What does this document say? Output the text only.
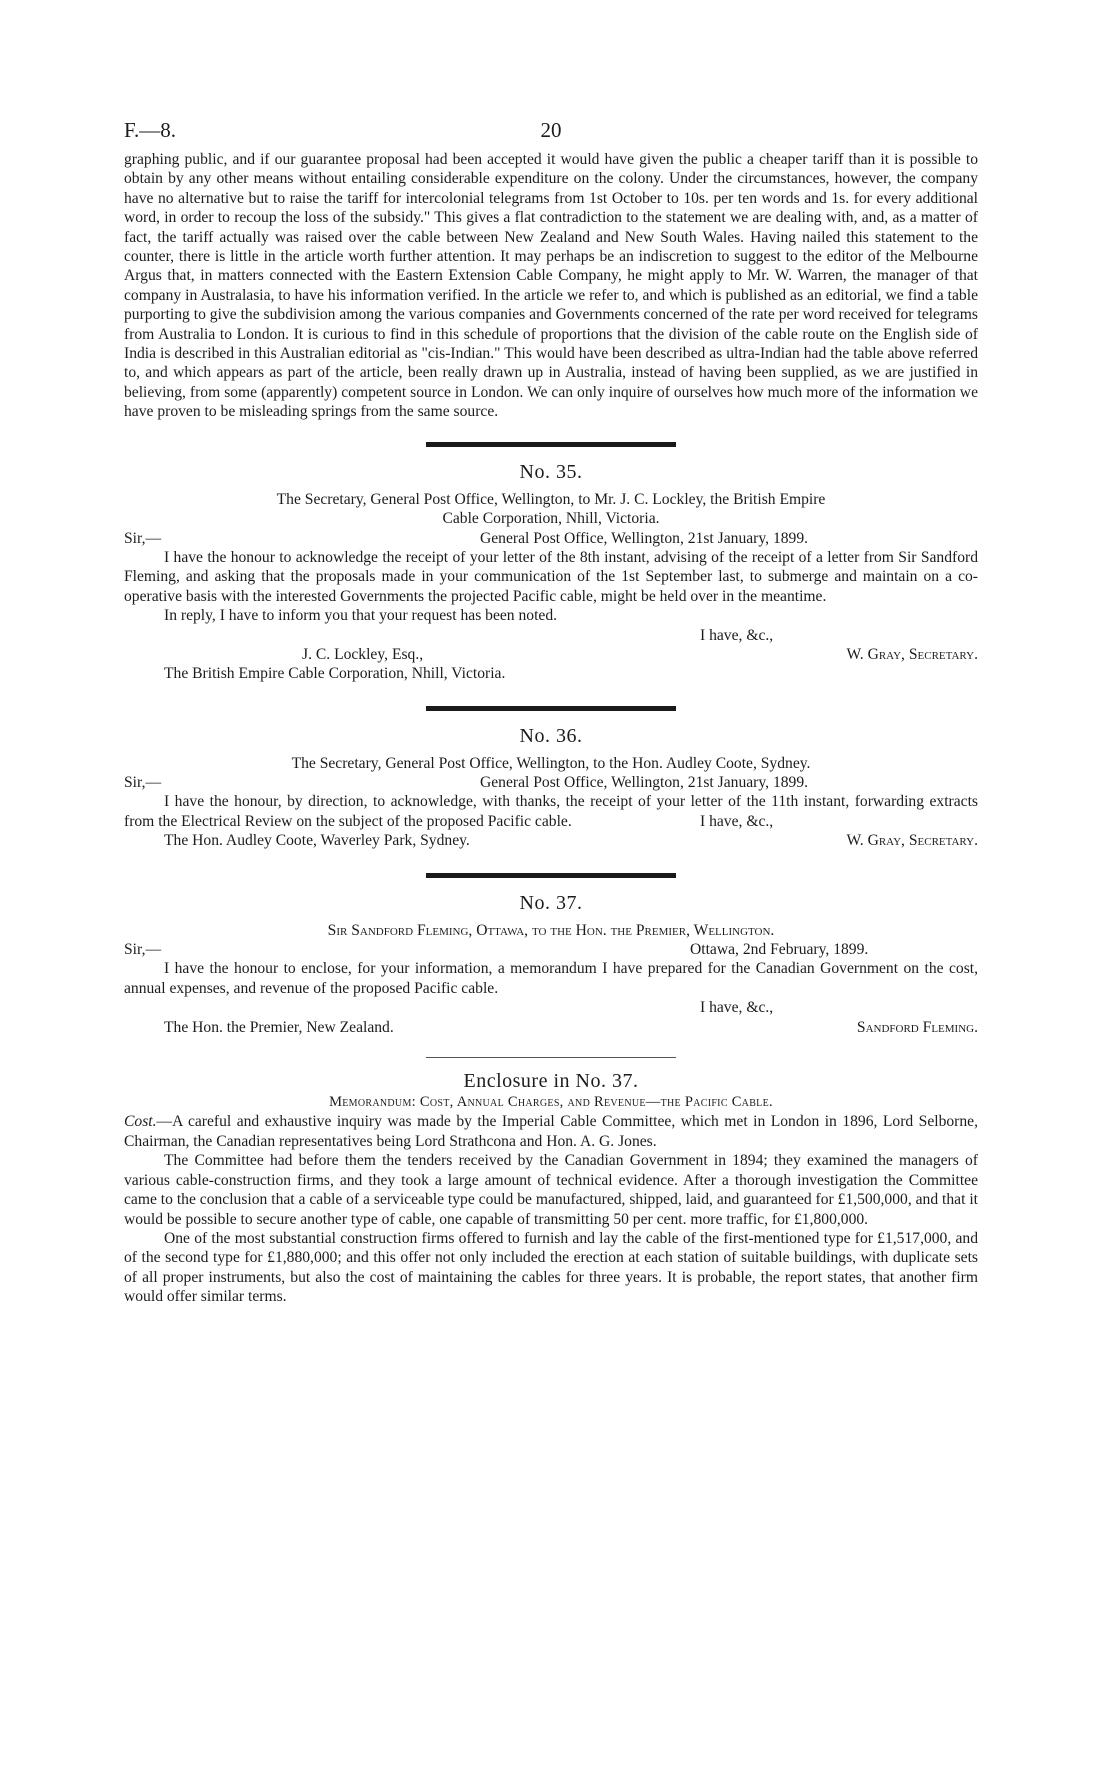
F.—8.	20

graphing public, and if our guarantee proposal had been accepted it would have given the public a cheaper tariff than it is possible to obtain by any other means without entailing considerable expenditure on the colony. Under the circumstances, however, the company have no alternative but to raise the tariff for intercolonial telegrams from 1st October to 10s. per ten words and 1s. for every additional word, in order to recoup the loss of the subsidy." This gives a flat contradiction to the statement we are dealing with, and, as a matter of fact, the tariff actually was raised over the cable between New Zealand and New South Wales. Having nailed this statement to the counter, there is little in the article worth further attention. It may perhaps be an indiscretion to suggest to the editor of the Melbourne Argus that, in matters connected with the Eastern Extension Cable Company, he might apply to Mr. W. Warren, the manager of that company in Australasia, to have his information verified. In the article we refer to, and which is published as an editorial, we find a table purporting to give the subdivision among the various companies and Governments concerned of the rate per word received for telegrams from Australia to London. It is curious to find in this schedule of proportions that the division of the cable route on the English side of India is described in this Australian editorial as "cis-Indian." This would have been described as ultra-Indian had the table above referred to, and which appears as part of the article, been really drawn up in Australia, instead of having been supplied, as we are justified in believing, from some (apparently) competent source in London. We can only inquire of ourselves how much more of the information we have proven to be misleading springs from the same source.

No. 35.
The Secretary, General Post Office, Wellington, to Mr. J. C. Lockley, the British Empire
Cable Corporation, Nhill, Victoria.
Sir,—	General Post Office, Wellington, 21st January, 1899.

I have the honour to acknowledge the receipt of your letter of the 8th instant, advising of the receipt of a letter from Sir Sandford Fleming, and asking that the proposals made in your communication of the 1st September last, to submerge and maintain on a co-operative basis with the interested Governments the projected Pacific cable, might be held over in the meantime.

In reply, I have to inform you that your request has been noted.

I have, &c.,
J. C. Lockley, Esq.,	W. Gray, Secretary.
The British Empire Cable Corporation, Nhill, Victoria.
No. 36.
The Secretary, General Post Office, Wellington, to the Hon. Audley Coote, Sydney.
Sir,—	General Post Office, Wellington, 21st January, 1899.

I have the honour, by direction, to acknowledge, with thanks, the receipt of your letter of the 11th instant, forwarding extracts from the Electrical Review on the subject of the proposed Pacific cable.	I have, &c.,
The Hon. Audley Coote, Waverley Park, Sydney.	W. Gray, Secretary.
No. 37.
Sir Sandford Fleming, Ottawa, to the Hon. the Premier, Wellington.
Sir,—	Ottawa, 2nd February, 1899.

I have the honour to enclose, for your information, a memorandum I have prepared for the Canadian Government on the cost, annual expenses, and revenue of the proposed Pacific cable.

I have, &c.,
The Hon. the Premier, New Zealand.	Sandford Fleming.
Enclosure in No. 37.
Memorandum: Cost, Annual Charges, and Revenue—the Pacific Cable.

Cost.—A careful and exhaustive inquiry was made by the Imperial Cable Committee, which met in London in 1896, Lord Selborne, Chairman, the Canadian representatives being Lord Strathcona and Hon. A. G. Jones.

The Committee had before them the tenders received by the Canadian Government in 1894; they examined the managers of various cable-construction firms, and they took a large amount of technical evidence. After a thorough investigation the Committee came to the conclusion that a cable of a serviceable type could be manufactured, shipped, laid, and guaranteed for £1,500,000, and that it would be possible to secure another type of cable, one capable of transmitting 50 per cent. more traffic, for £1,800,000.

One of the most substantial construction firms offered to furnish and lay the cable of the first-mentioned type for £1,517,000, and of the second type for £1,880,000; and this offer not only included the erection at each station of suitable buildings, with duplicate sets of all proper instruments, but also the cost of maintaining the cables for three years. It is probable, the report states, that another firm would offer similar terms.
